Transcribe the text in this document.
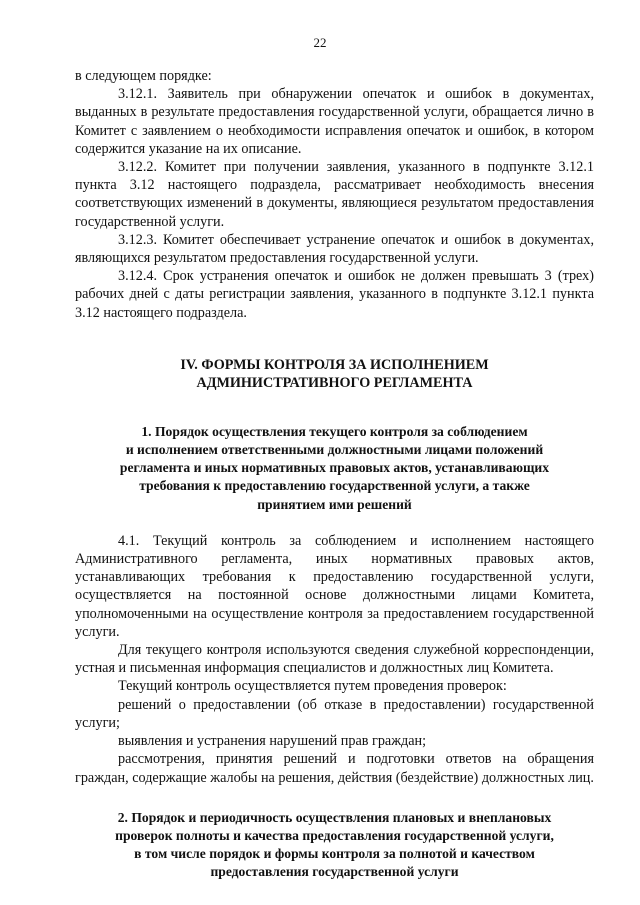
22

в следующем порядке:

3.12.1. Заявитель при обнаружении опечаток и ошибок в документах, выданных в результате предоставления государственной услуги, обращается лично в Комитет с заявлением о необходимости исправления опечаток и ошибок, в котором содержится указание на их описание.

3.12.2. Комитет при получении заявления, указанного в подпункте 3.12.1 пункта 3.12 настоящего подраздела, рассматривает необходимость внесения соответствующих изменений в документы, являющиеся результатом предоставления государственной услуги.

3.12.3. Комитет обеспечивает устранение опечаток и ошибок в документах, являющихся результатом предоставления государственной услуги.

3.12.4. Срок устранения опечаток и ошибок не должен превышать 3 (трех) рабочих дней с даты регистрации заявления, указанного в подпункте 3.12.1 пункта 3.12 настоящего подраздела.

IV. ФОРМЫ КОНТРОЛЯ ЗА ИСПОЛНЕНИЕМ
АДМИНИСТРАТИВНОГО РЕГЛАМЕНТА
1. Порядок осуществления текущего контроля за соблюдением
и исполнением ответственными должностными лицами положений
регламента и иных нормативных правовых актов, устанавливающих
требования к предоставлению государственной услуги, а также
принятием ими решений

4.1. Текущий контроль за соблюдением и исполнением настоящего Административного регламента, иных нормативных правовых актов, устанавливающих требования к предоставлению государственной услуги, осуществляется на постоянной основе должностными лицами Комитета, уполномоченными на осуществление контроля за предоставлением государственной услуги.

Для текущего контроля используются сведения служебной корреспонденции, устная и письменная информация специалистов и должностных лиц Комитета.

Текущий контроль осуществляется путем проведения проверок:

решений о предоставлении (об отказе в предоставлении) государственной услуги;

выявления и устранения нарушений прав граждан;

рассмотрения, принятия решений и подготовки ответов на обращения граждан, содержащие жалобы на решения, действия (бездействие) должностных лиц.

2. Порядок и периодичность осуществления плановых и внеплановых
проверок полноты и качества предоставления государственной услуги,
в том числе порядок и формы контроля за полнотой и качеством
предоставления государственной услуги
